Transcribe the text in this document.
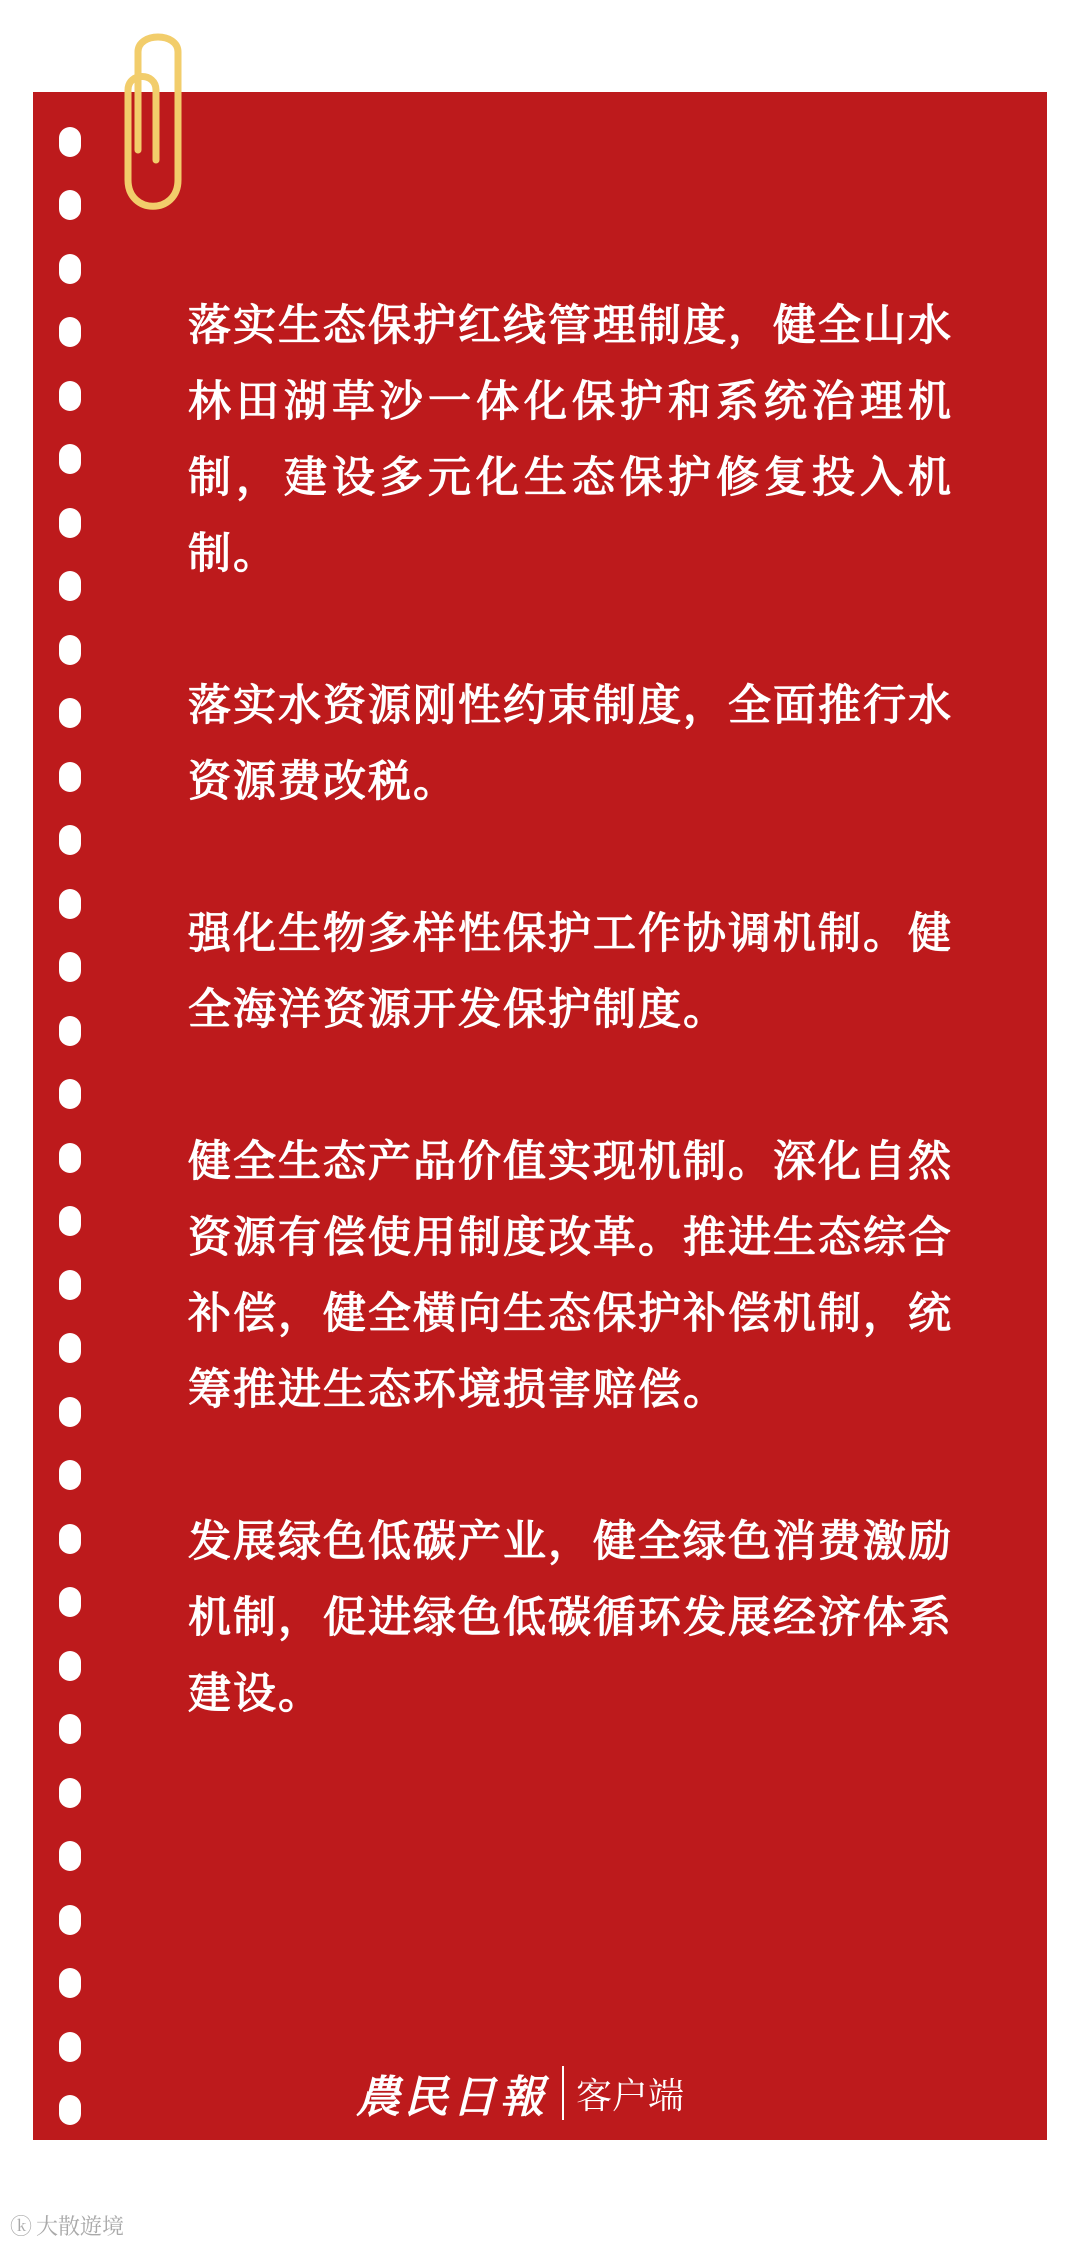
落实生态保护红线管理制度，健全山水林田湖草沙一体化保护和系统治理机制，建设多元化生态保护修复投入机制。

落实水资源刚性约束制度，全面推行水资源费改税。

强化生物多样性保护工作协调机制。健全海洋资源开发保护制度。

健全生态产品价值实现机制。深化自然资源有偿使用制度改革。推进生态综合补偿，健全横向生态保护补偿机制，统筹推进生态环境损害赔偿。

发展绿色低碳产业，健全绿色消费激励机制，促进绿色低碳循环发展经济体系建设。

農民日報 客户端
ⓚ 大散遊境
